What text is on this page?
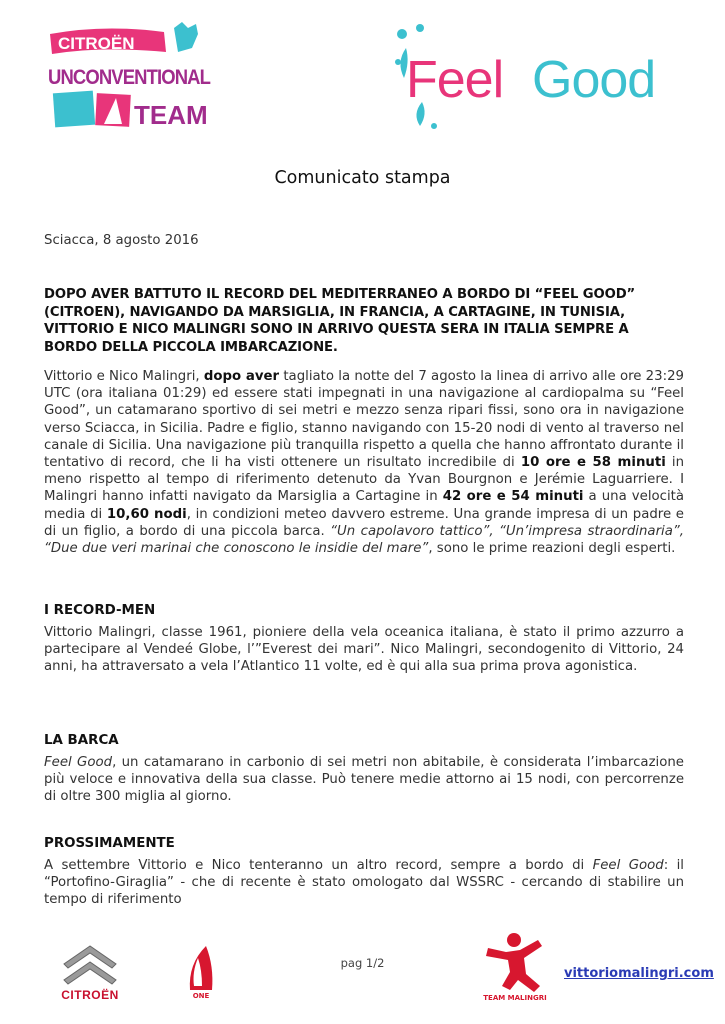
CITROËN
UNCONVENTIONAL
TEAM
Feel Good
Comunicato stampa
Sciacca, 8 agosto 2016
DOPO AVER BATTUTO IL RECORD DEL MEDITERRANEO A BORDO DI “FEEL GOOD” (CITROEN), NAVIGANDO DA MARSIGLIA, IN FRANCIA, A CARTAGINE, IN TUNISIA, VITTORIO E NICO MALINGRI SONO IN ARRIVO QUESTA SERA IN ITALIA SEMPRE A BORDO DELLA PICCOLA IMBARCAZIONE.
Vittorio e Nico Malingri, dopo aver tagliato la notte del 7 agosto la linea di arrivo alle ore 23:29 UTC (ora italiana 01:29) ed essere stati impegnati in una navigazione al cardiopalma su “Feel Good”, un catamarano sportivo di sei metri e mezzo senza ripari fissi, sono ora in navigazione verso Sciacca, in Sicilia. Padre e figlio, stanno navigando con 15-20 nodi di vento al traverso nel canale di Sicilia. Una navigazione più tranquilla rispetto a quella che hanno affrontato durante il tentativo di record, che li ha visti ottenere un risultato incredibile di 10 ore e 58 minuti in meno rispetto al tempo di riferimento detenuto da Yvan Bourgnon e Jerémie Laguarriere. I Malingri hanno infatti navigato da Marsiglia a Cartagine in 42 ore e 54 minuti a una velocità media di 10,60 nodi, in condizioni meteo davvero estreme. Una grande impresa di un padre e di un figlio, a bordo di una piccola barca. “Un capolavoro tattico”, “Un’impresa straordinaria”, “Due due veri marinai che conoscono le insidie del mare”, sono le prime reazioni degli esperti.
I RECORD-MEN
Vittorio Malingri, classe 1961, pioniere della vela oceanica italiana, è stato il primo azzurro a partecipare al Vendeé Globe, l’”Everest dei mari”. Nico Malingri, secondogenito di Vittorio, 24 anni, ha attraversato a vela l’Atlantico 11 volte, ed è qui alla sua prima prova agonistica.
LA BARCA
Feel Good, un catamarano in carbonio di sei metri non abitabile, è considerata l’imbarcazione più veloce e innovativa della sua classe. Può tenere medie attorno ai 15 nodi, con percorrenze di oltre 300 miglia al giorno.
PROSSIMAMENTE
A settembre Vittorio e Nico tenteranno un altro record, sempre a bordo di Feel Good: il “Portofino-Giraglia” - che di recente è stato omologato dal WSSRC - cercando di stabilire un tempo di riferimento
CITROËN	ONE
pag 1/2
TEAM MALINGRI
vittoriomalingri.com
